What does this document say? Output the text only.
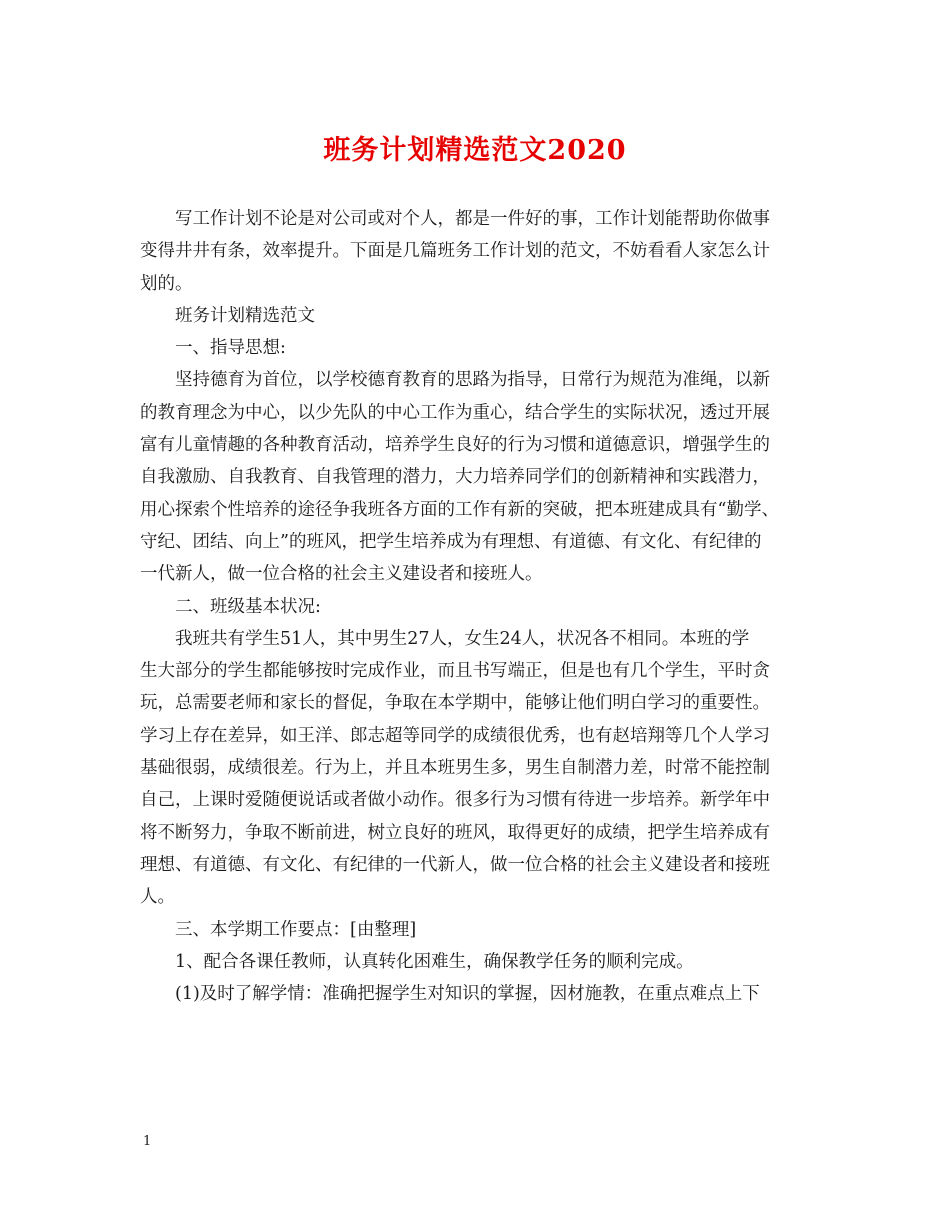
班务计划精选范文2020
写工作计划不论是对公司或对个人，都是一件好的事，工作计划能帮助你做事
变得井井有条，效率提升。下面是几篇班务工作计划的范文，不妨看看人家怎么计
划的。
班务计划精选范文
一、指导思想:
坚持德育为首位，以学校德育教育的思路为指导，日常行为规范为准绳，以新
的教育理念为中心，以少先队的中心工作为重心，结合学生的实际状况，透过开展
富有儿童情趣的各种教育活动，培养学生良好的行为习惯和道德意识，增强学生的
自我激励、自我教育、自我管理的潜力，大力培养同学们的创新精神和实践潜力，
用心探索个性培养的途径争我班各方面的工作有新的突破，把本班建成具有“勤学、
守纪、团结、向上”的班风，把学生培养成为有理想、有道德、有文化、有纪律的
一代新人，做一位合格的社会主义建设者和接班人。
二、班级基本状况:
我班共有学生51人，其中男生27人，女生24人，状况各不相同。本班的学
生大部分的学生都能够按时完成作业，而且书写端正，但是也有几个学生，平时贪
玩，总需要老师和家长的督促，争取在本学期中，能够让他们明白学习的重要性。
学习上存在差异，如王洋、郎志超等同学的成绩很优秀，也有赵培翔等几个人学习
基础很弱，成绩很差。行为上，并且本班男生多，男生自制潜力差，时常不能控制
自己，上课时爱随便说话或者做小动作。很多行为习惯有待进一步培养。新学年中
将不断努力，争取不断前进，树立良好的班风，取得更好的成绩，把学生培养成有
理想、有道德、有文化、有纪律的一代新人，做一位合格的社会主义建设者和接班
人。
三、本学期工作要点：[由整理]
1、配合各课任教师，认真转化困难生，确保教学任务的顺利完成。
(1)及时了解学情：准确把握学生对知识的掌握，因材施教，在重点难点上下
1
